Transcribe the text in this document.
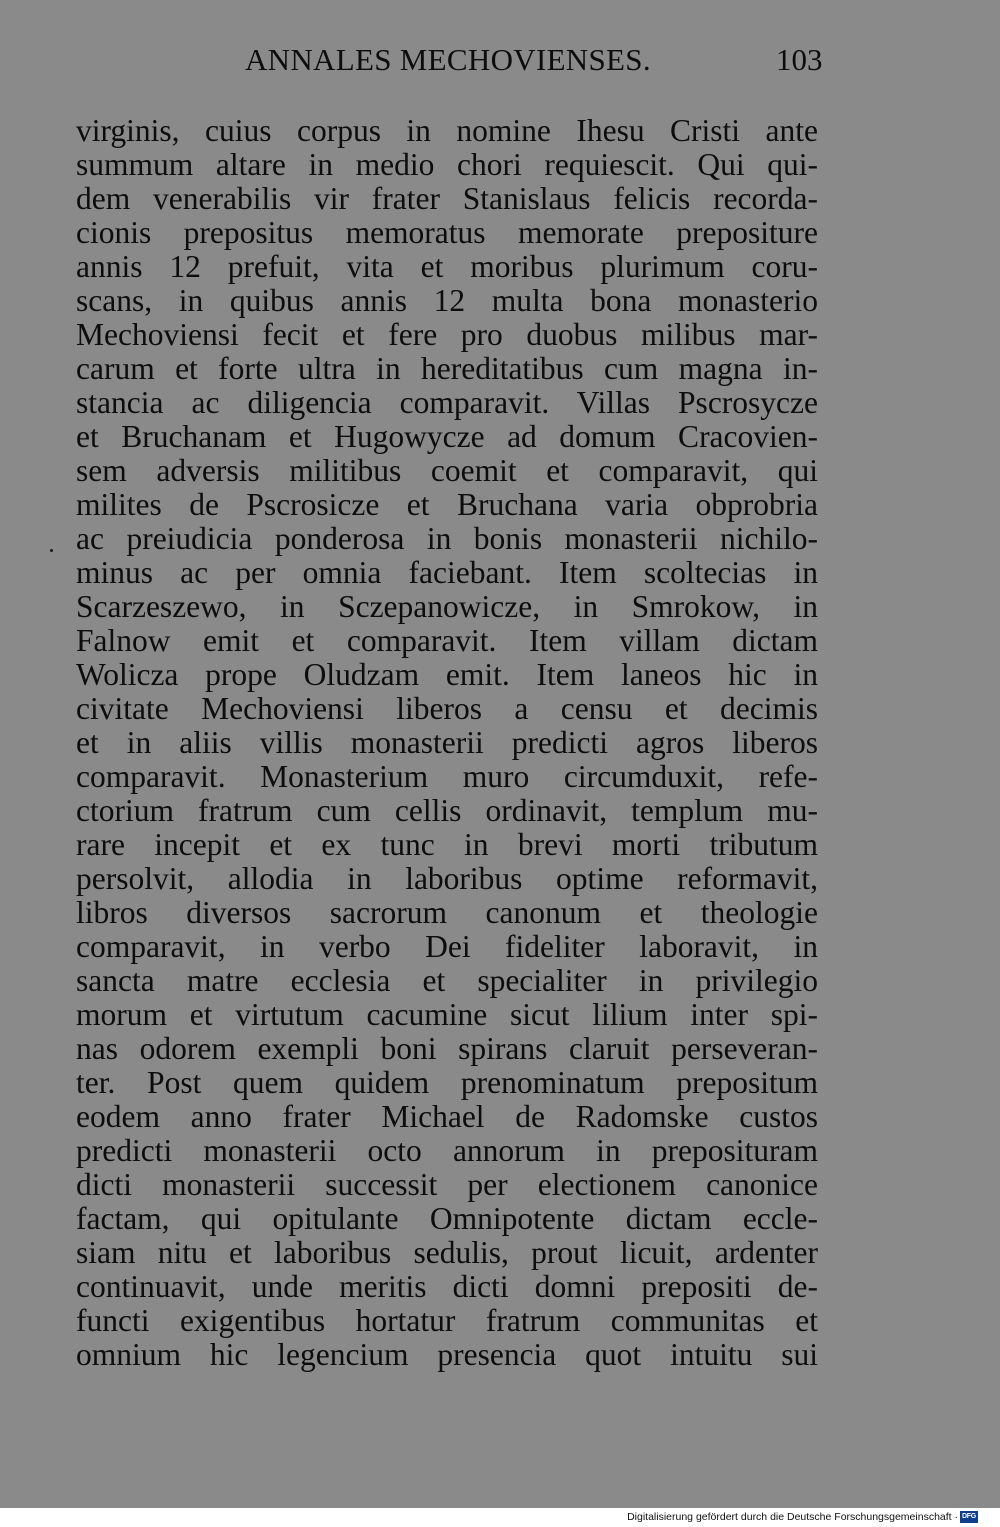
ANNALES MECHOVIENSES.	103
virginis, cuius corpus in nomine Ihesu Cristi ante
summum altare in medio chori requiescit. Qui qui-
dem venerabilis vir frater Stanislaus felicis recorda-
cionis prepositus memoratus memorate prepositure
annis 12 prefuit, vita et moribus plurimum coru-
scans, in quibus annis 12 multa bona monasterio
Mechoviensi fecit et fere pro duobus milibus mar-
carum et forte ultra in hereditatibus cum magna in-
stancia ac diligencia comparavit. Villas Pscrosycze
et Bruchanam et Hugowycze ad domum Cracovien-
sem adversis militibus coemit et comparavit, qui
milites de Pscrosicze et Bruchana varia obprobria
ac preiudicia ponderosa in bonis monasterii nichilo-
minus ac per omnia faciebant. Item scoltecias in
Scarzeszewo, in Sczepanowicze, in Smrokow, in
Falnow emit et comparavit. Item villam dictam
Wolicza prope Oludzam emit. Item laneos hic in
civitate Mechoviensi liberos a censu et decimis
et in aliis villis monasterii predicti agros liberos
comparavit. Monasterium muro circumduxit, refe-
ctorium fratrum cum cellis ordinavit, templum mu-
rare incepit et ex tunc in brevi morti tributum
persolvit, allodia in laboribus optime reformavit,
libros diversos sacrorum canonum et theologie
comparavit, in verbo Dei fideliter laboravit, in
sancta matre ecclesia et specialiter in privilegio
morum et virtutum cacumine sicut lilium inter spi-
nas odorem exempli boni spirans claruit perseveran-
ter. Post quem quidem prenominatum prepositum
eodem anno frater Michael de Radomske custos
predicti monasterii octo annorum in preposituram
dicti monasterii successit per electionem canonice
factam, qui opitulante Omnipotente dictam eccle-
siam nitu et laboribus sedulis, prout licuit, ardenter
continuavit, unde meritis dicti domni prepositi de-
functi exigentibus hortatur fratrum communitas et
omnium hic legencium presencia quot intuitu sui
Digitalisierung gefördert durch die Deutsche Forschungsgemeinschaft · DFG
